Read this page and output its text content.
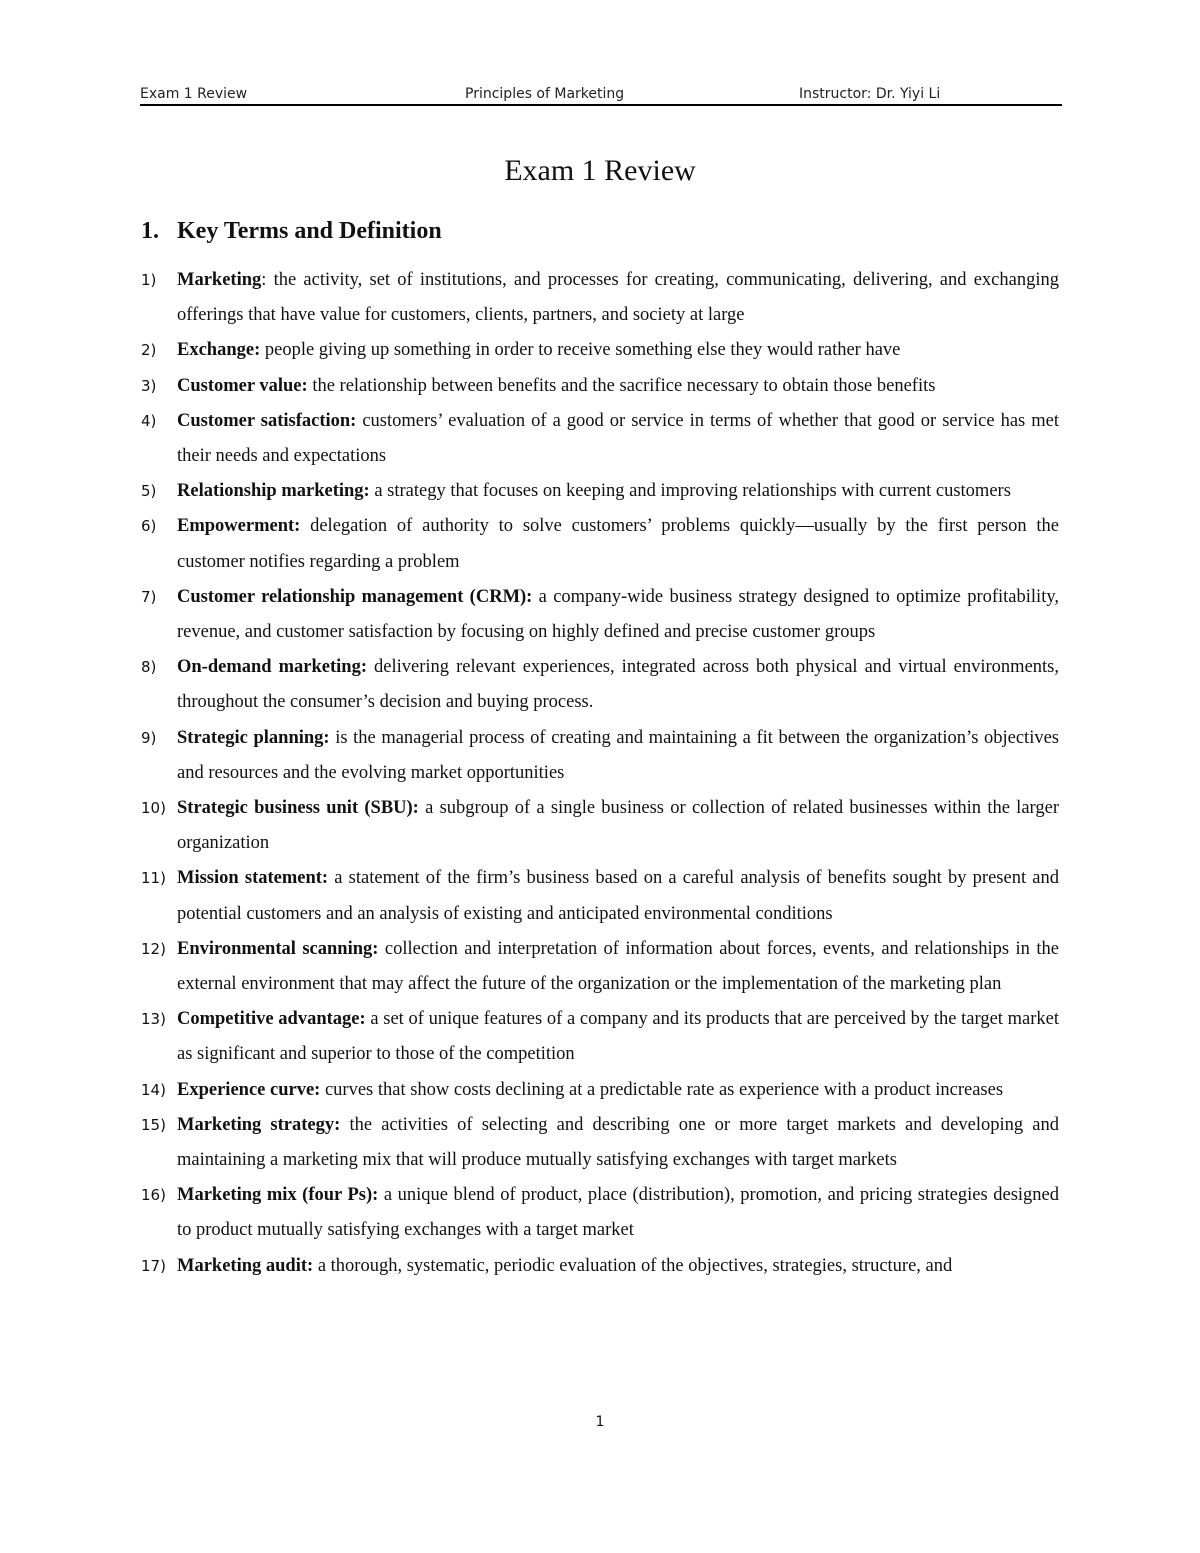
Exam 1 Review	Principles of Marketing	Instructor: Dr. Yiyi Li
Exam 1 Review
1. Key Terms and Definition
1) Marketing: the activity, set of institutions, and processes for creating, communicating, delivering, and exchanging offerings that have value for customers, clients, partners, and society at large
2) Exchange: people giving up something in order to receive something else they would rather have
3) Customer value: the relationship between benefits and the sacrifice necessary to obtain those benefits
4) Customer satisfaction: customers’ evaluation of a good or service in terms of whether that good or service has met their needs and expectations
5) Relationship marketing: a strategy that focuses on keeping and improving relationships with current customers
6) Empowerment: delegation of authority to solve customers’ problems quickly—usually by the first person the customer notifies regarding a problem
7) Customer relationship management (CRM): a company-wide business strategy designed to optimize profitability, revenue, and customer satisfaction by focusing on highly defined and precise customer groups
8) On-demand marketing: delivering relevant experiences, integrated across both physical and virtual environments, throughout the consumer’s decision and buying process.
9) Strategic planning: is the managerial process of creating and maintaining a fit between the organization’s objectives and resources and the evolving market opportunities
10) Strategic business unit (SBU): a subgroup of a single business or collection of related businesses within the larger organization
11) Mission statement: a statement of the firm’s business based on a careful analysis of benefits sought by present and potential customers and an analysis of existing and anticipated environmental conditions
12) Environmental scanning: collection and interpretation of information about forces, events, and relationships in the external environment that may affect the future of the organization or the implementation of the marketing plan
13) Competitive advantage: a set of unique features of a company and its products that are perceived by the target market as significant and superior to those of the competition
14) Experience curve: curves that show costs declining at a predictable rate as experience with a product increases
15) Marketing strategy: the activities of selecting and describing one or more target markets and developing and maintaining a marketing mix that will produce mutually satisfying exchanges with target markets
16) Marketing mix (four Ps): a unique blend of product, place (distribution), promotion, and pricing strategies designed to product mutually satisfying exchanges with a target market
17) Marketing audit: a thorough, systematic, periodic evaluation of the objectives, strategies, structure, and
1
